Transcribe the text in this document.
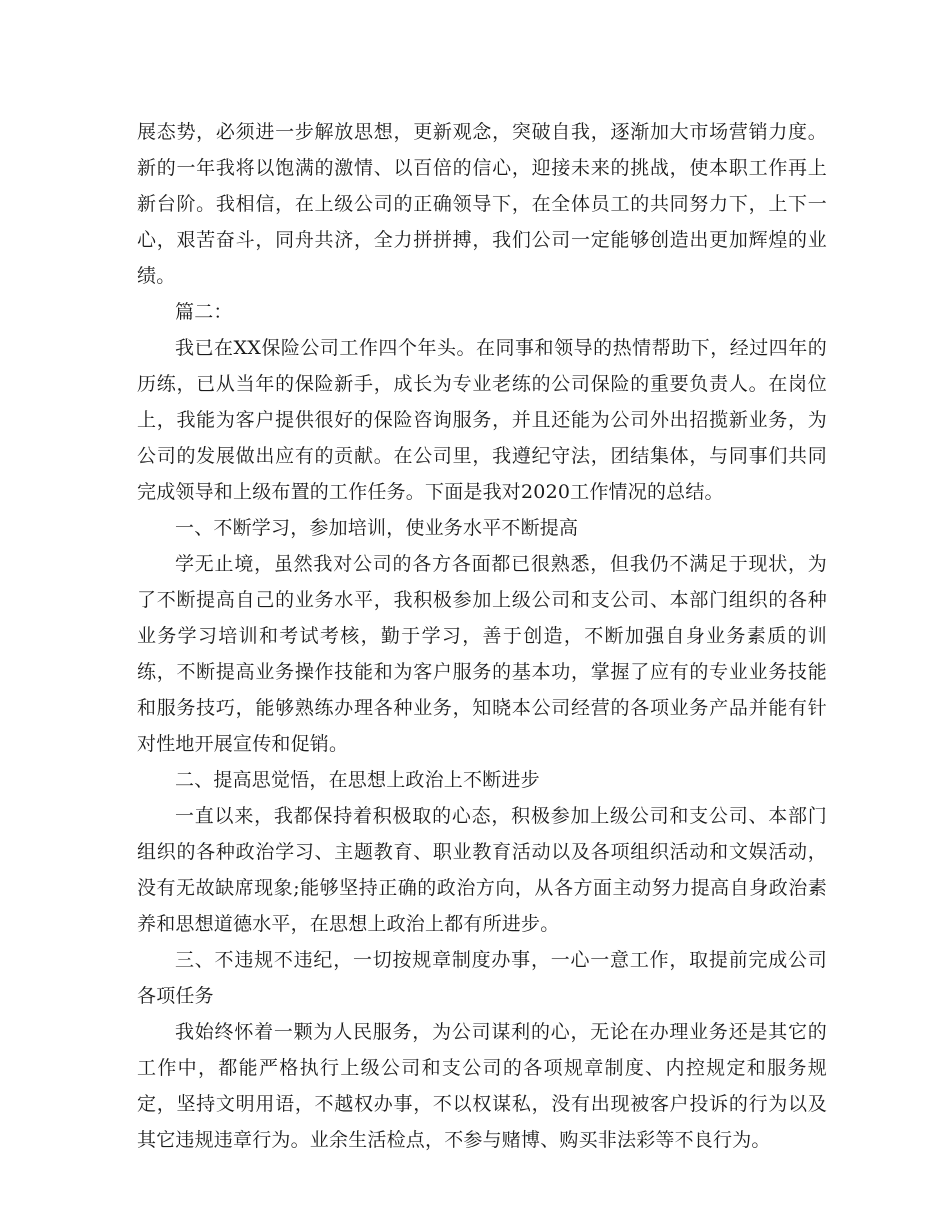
展态势，必须进一步解放思想，更新观念，突破自我，逐渐加大市场营销力度。新的一年我将以饱满的激情、以百倍的信心，迎接未来的挑战，使本职工作再上新台阶。我相信，在上级公司的正确领导下，在全体员工的共同努力下，上下一心，艰苦奋斗，同舟共济，全力拼拼搏，我们公司一定能够创造出更加辉煌的业绩。

篇二：

我已在XX保险公司工作四个年头。在同事和领导的热情帮助下，经过四年的历练，已从当年的保险新手，成长为专业老练的公司保险的重要负责人。在岗位上，我能为客户提供很好的保险咨询服务，并且还能为公司外出招揽新业务，为公司的发展做出应有的贡献。在公司里，我遵纪守法，团结集体，与同事们共同完成领导和上级布置的工作任务。下面是我对2020工作情况的总结。

一、不断学习，参加培训，使业务水平不断提高

学无止境，虽然我对公司的各方各面都已很熟悉，但我仍不满足于现状，为了不断提高自己的业务水平，我积极参加上级公司和支公司、本部门组织的各种业务学习培训和考试考核，勤于学习，善于创造，不断加强自身业务素质的训练，不断提高业务操作技能和为客户服务的基本功，掌握了应有的专业业务技能和服务技巧，能够熟练办理各种业务，知晓本公司经营的各项业务产品并能有针对性地开展宣传和促销。

二、提高思觉悟，在思想上政治上不断进步

一直以来，我都保持着积极取的心态，积极参加上级公司和支公司、本部门组织的各种政治学习、主题教育、职业教育活动以及各项组织活动和文娱活动，没有无故缺席现象;能够坚持正确的政治方向，从各方面主动努力提高自身政治素养和思想道德水平，在思想上政治上都有所进步。

三、不违规不违纪，一切按规章制度办事，一心一意工作，取提前完成公司各项任务

我始终怀着一颗为人民服务，为公司谋利的心，无论在办理业务还是其它的工作中，都能严格执行上级公司和支公司的各项规章制度、内控规定和服务规定，坚持文明用语，不越权办事，不以权谋私，没有出现被客户投诉的行为以及其它违规违章行为。业余生活检点，不参与赌博、购买非法彩等不良行为。
